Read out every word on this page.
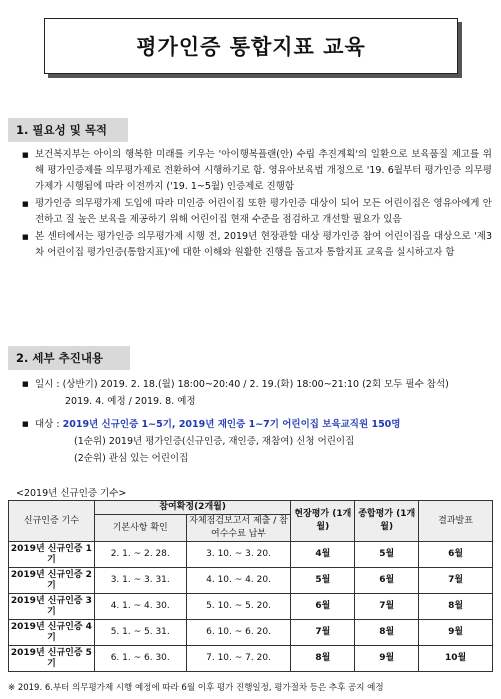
평가인증 통합지표 교육
1. 필요성 및 목적
■ 보건복지부는 아이의 행복한 미래를 키우는 '아이행복플랜(안) 수립 추진계획'의 일환으로 보육품질 제고를 위해 평가인증제를 의무평가제로 전환하여 시행하기로 함. 영유아보육법 개정으로 '19. 6월부터 평가인증 의무평가제가 시행됨에 따라 이전까지 ('19. 1~5월) 인증제로 진행함
■ 평가인증 의무평가제 도입에 따라 미인증 어린이집 또한 평가인증 대상이 되어 모든 어린이집은 영유아에게 안전하고 질 높은 보육을 제공하기 위해 어린이집 현재 수준을 점검하고 개선할 필요가 있음
■ 본 센터에서는 평가인증 의무평가제 시행 전, 2019년 현장관할 대상 평가인증 참여 어린이집을 대상으로 '제3차 어린이집 평가인증(통합지표)'에 대한 이해와 원활한 진행을 돕고자 통합지표 교육을 실시하고자 함
2. 세부 추진내용
■ 일시 : (상반기) 2019. 2. 18.(월) 18:00~20:40 / 2. 19.(화) 18:00~21:10 (2회 모두 필수 참석)
2019. 4. 예정 / 2019. 8. 예정
■ 대상 : 2019년 신규인증 1~5기, 2019년 재인증 1~7기 어린이집 보육교직원 150명
(1순위) 2019년 평가인증(신규인증, 재인증, 재참여) 신청 어린이집
(2순위) 관심 있는 어린이집
<2019년 신규인증 기수>
신규인증 기수	참여확정(2개월)		현장평가 (1개월)	종합평가 (1개월)	결과발표
	기본사항 확인	자체점검보고서 제출 / 참여수수료 납부			
2019년 신규인증 1기	2. 1. ~ 2. 28.	3. 10. ~ 3. 20.	4월	5월	6월
2019년 신규인증 2기	3. 1. ~ 3. 31.	4. 10. ~ 4. 20.	5월	6월	7월
2019년 신규인증 3기	4. 1. ~ 4. 30.	5. 10. ~ 5. 20.	6월	7월	8월
2019년 신규인증 4기	5. 1. ~ 5. 31.	6. 10. ~ 6. 20.	7월	8월	9월
2019년 신규인증 5기	6. 1. ~ 6. 30.	7. 10. ~ 7. 20.	8월	9월	10월
※ 2019. 6.부터 의무평가제 시행 예정에 따라 6월 이후 평가 진행일정, 평가절차 등은 추후 공지 예정
